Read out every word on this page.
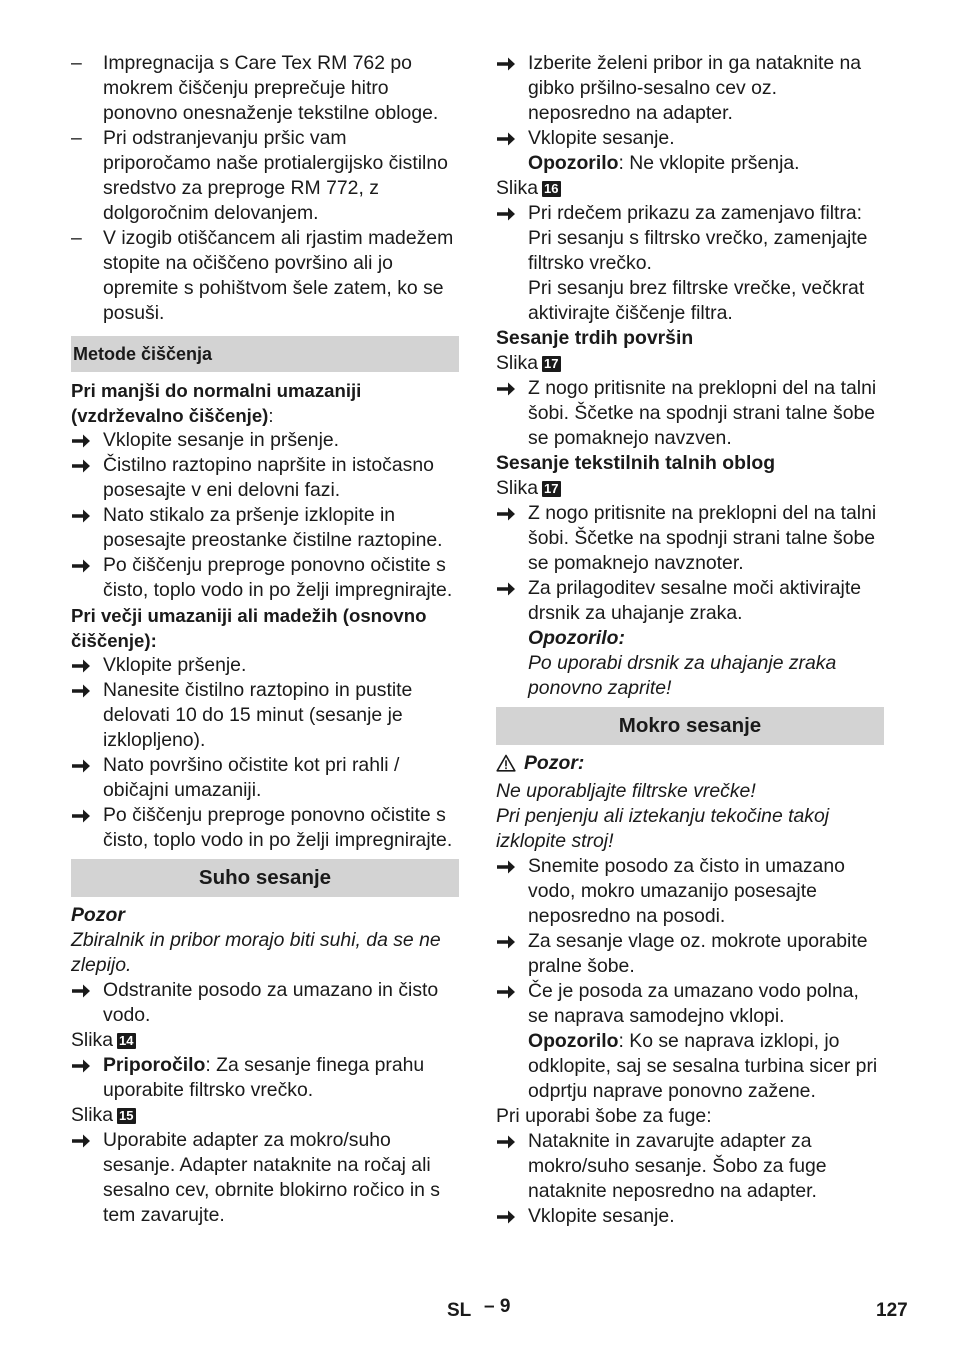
–	Impregnacija s Care Tex RM 762 po mokrem čiščenju preprečuje hitro ponovno onesnaženje tekstilne obloge.
–	Pri odstranjevanju pršic vam priporočamo naše protialergijsko čistilno sredstvo za preproge RM 772, z dolgoročnim delovanjem.
–	V izogib otiščancem ali rjastim madežem stopite na očiščeno površino ali jo opremite s pohištvom šele zatem, ko se posuši.
Metode čiščenja
Pri manjši do normalni umazaniji (vzdrževalno čiščenje):
Vklopite sesanje in pršenje.
Čistilno raztopino napršite in istočasno posesajte v eni delovni fazi.
Nato stikalo za pršenje izklopite in posesajte preostanke čistilne raztopine.
Po čiščenju preproge ponovno očistite s čisto, toplo vodo in po želji impregnirajte.
Pri večji umazaniji ali madežih (osnovno čiščenje):
Vklopite pršenje.
Nanesite čistilno raztopino in pustite delovati 10 do 15 minut (sesanje je izklopljeno).
Nato površino očistite kot pri rahli / običajni umazaniji.
Po čiščenju preproge ponovno očistite s čisto, toplo vodo in po želji impregnirajte.
Suho sesanje
Pozor
Zbiralnik in pribor morajo biti suhi, da se ne zlepijo.
Odstranite posodo za umazano in čisto vodo.
Slika 14
Priporočilo: Za sesanje finega prahu uporabite filtrsko vrečko.
Slika 15
Uporabite adapter za mokro/suho sesanje. Adapter nataknite na ročaj ali sesalno cev, obrnite blokirno ročico in s tem zavarujte.
Izberite želeni pribor in ga nataknite na gibko pršilno-sesalno cev oz. neposredno na adapter.
Vklopite sesanje.
Opozorilo: Ne vklopite pršenja.
Slika 16
Pri rdečem prikazu za zamenjavo filtra: Pri sesanju s filtrsko vrečko, zamenjajte filtrsko vrečko.
Pri sesanju brez filtrske vrečke, večkrat aktivirajte čiščenje filtra.
Sesanje trdih površin
Slika 17
Z nogo pritisnite na preklopni del na talni šobi. Ščetke na spodnji strani talne šobe se pomaknejo navzven.
Sesanje tekstilnih talnih oblog
Slika 17
Z nogo pritisnite na preklopni del na talni šobi. Ščetke na spodnji strani talne šobe se pomaknejo navznoter.
Za prilagoditev sesalne moči aktivirajte drsnik za uhajanje zraka.
Opozorilo:
Po uporabi drsnik za uhajanje zraka ponovno zaprite!
Mokro sesanje
Pozor:
Ne uporabljajte filtrske vrečke!
Pri penjenju ali iztekanju tekočine takoj izklopite stroj!
Snemite posodo za čisto in umazano vodo, mokro umazanijo posesajte neposredno na posodi.
Za sesanje vlage oz. mokrote uporabite pralne šobe.
Če je posoda za umazano vodo polna, se naprava samodejno vklopi.
Opozorilo: Ko se naprava izklopi, jo odklopite, saj se sesalna turbina sicer pri odprtju naprave ponovno zažene.
Pri uporabi šobe za fuge:
Nataknite in zavarujte adapter za mokro/suho sesanje. Šobo za fuge nataknite neposredno na adapter.
Vklopite sesanje.
SL – 9	127
